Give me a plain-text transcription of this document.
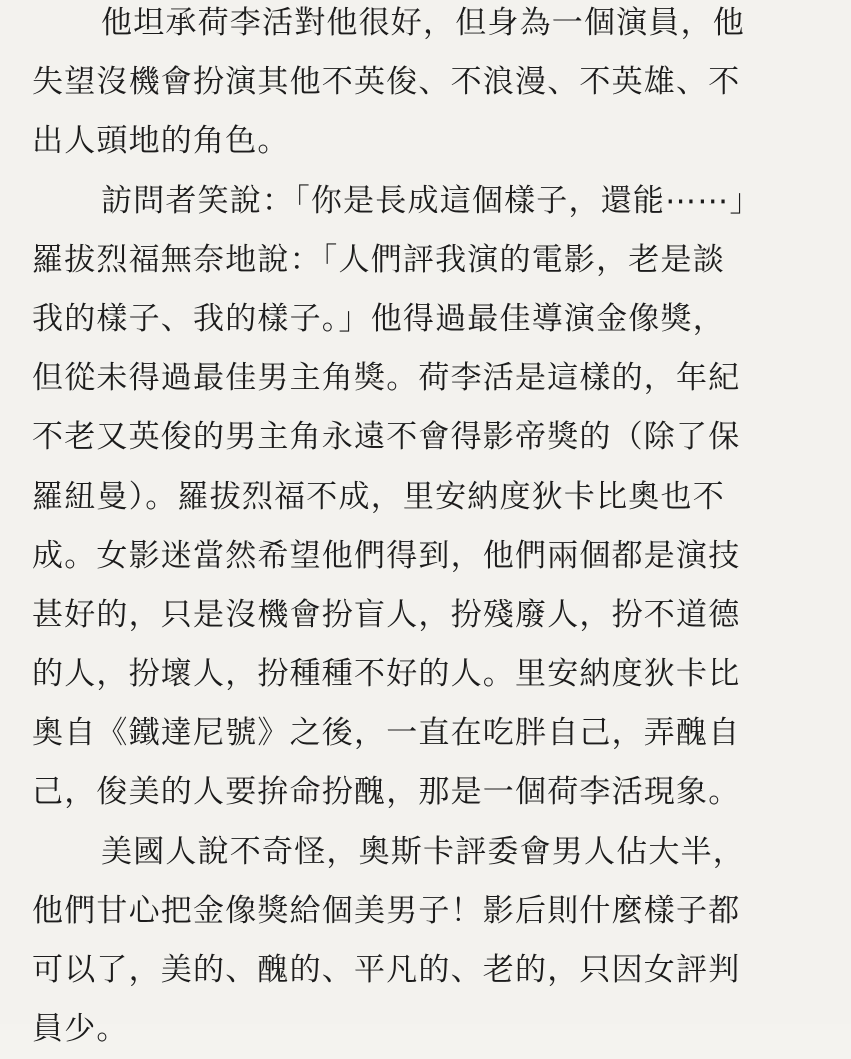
他坦承荷李活對他很好，但身為一個演員，他
失望沒機會扮演其他不英俊、不浪漫、不英雄、不
出人頭地的角色。
訪問者笑說：「你是長成這個樣子，還能⋯⋯」
羅拔烈福無奈地說：「人們評我演的電影，老是談
我的樣子、我的樣子。」他得過最佳導演金像獎，
但從未得過最佳男主角獎。荷李活是這樣的，年紀
不老又英俊的男主角永遠不會得影帝獎的（除了保
羅紐曼）。羅拔烈福不成，里安納度狄卡比奧也不
成。女影迷當然希望他們得到，他們兩個都是演技
甚好的，只是沒機會扮盲人，扮殘廢人，扮不道德
的人，扮壞人，扮種種不好的人。里安納度狄卡比
奧自《鐵達尼號》之後，一直在吃胖自己，弄醜自
己，俊美的人要拚命扮醜，那是一個荷李活現象。
美國人說不奇怪，奧斯卡評委會男人佔大半，
他們甘心把金像獎給個美男子！影后則什麼樣子都
可以了，美的、醜的、平凡的、老的，只因女評判
員少。
